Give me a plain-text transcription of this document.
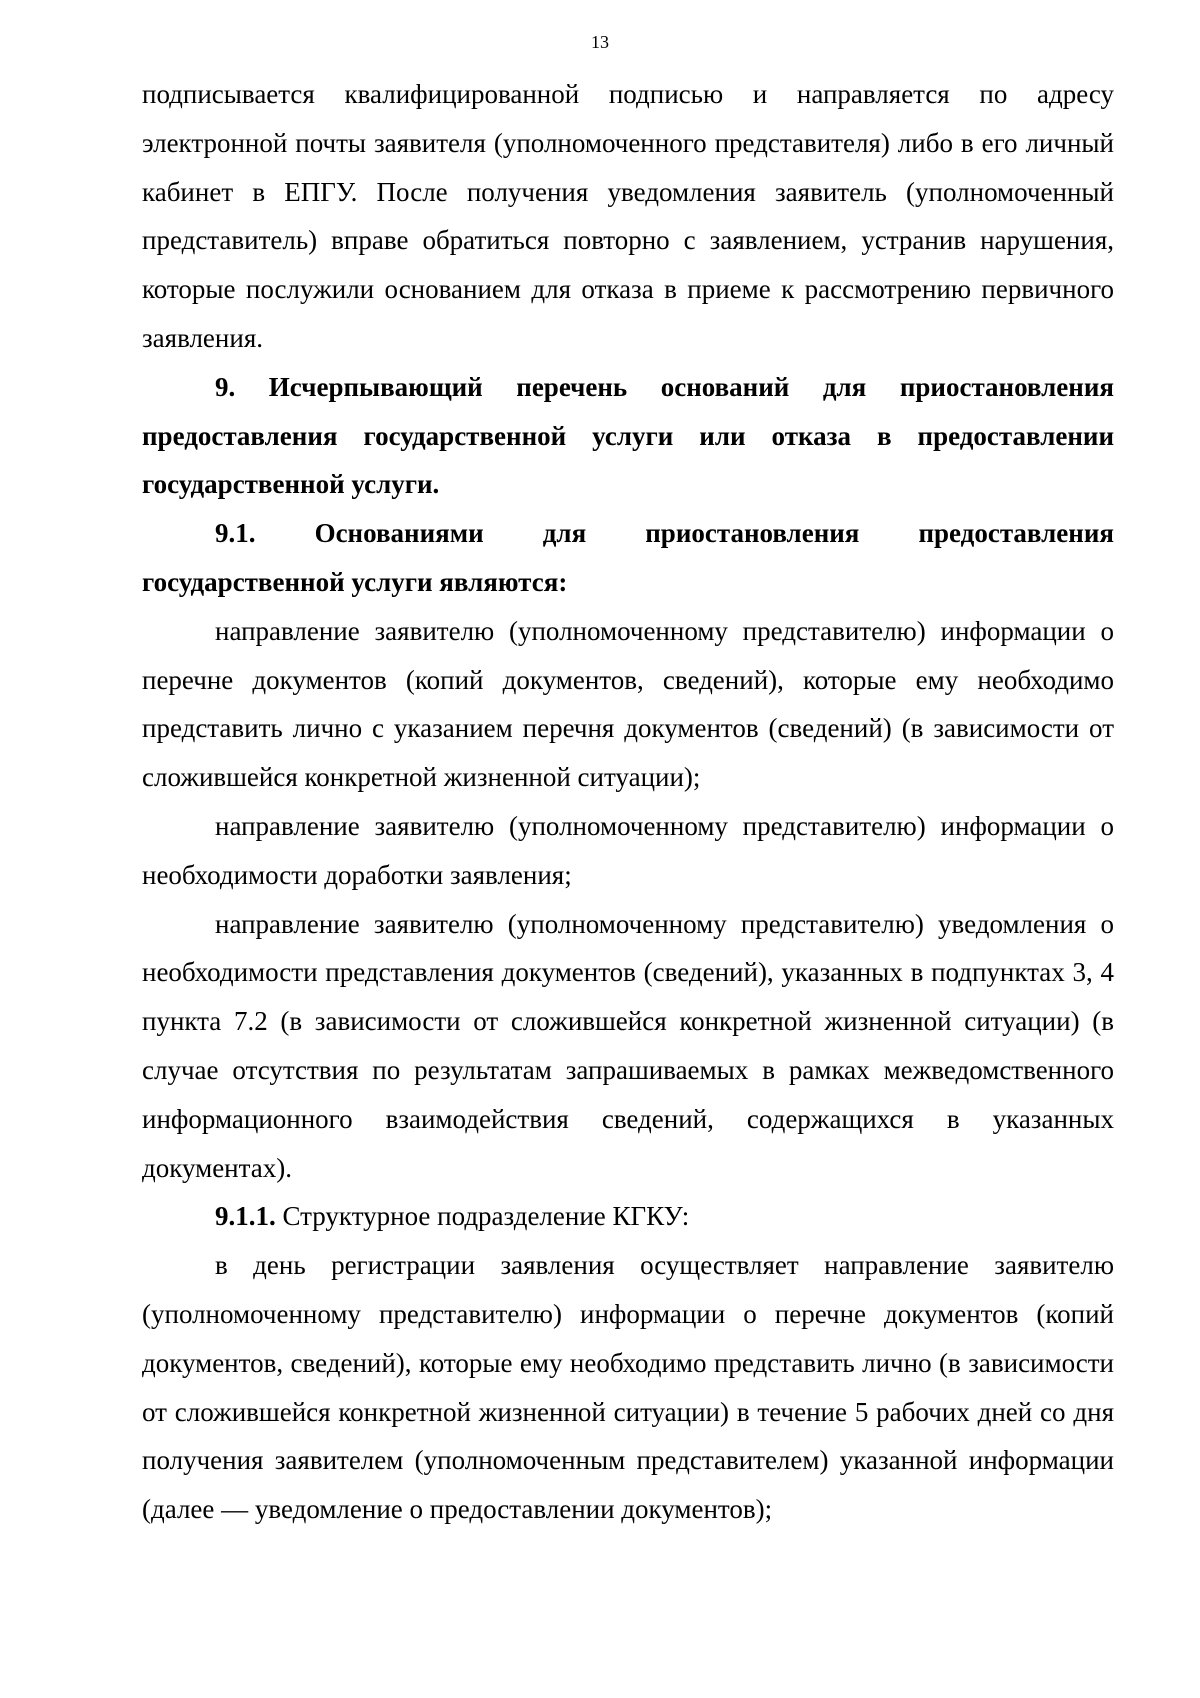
13

подписывается квалифицированной подписью и направляется по адресу электронной почты заявителя (уполномоченного представителя) либо в его личный кабинет в ЕПГУ. После получения уведомления заявитель (уполномоченный представитель) вправе обратиться повторно с заявлением, устранив нарушения, которые послужили основанием для отказа в приеме к рассмотрению первичного заявления.

9. Исчерпывающий перечень оснований для приостановления предоставления государственной услуги или отказа в предоставлении государственной услуги.

9.1. Основаниями для приостановления предоставления государственной услуги являются:

направление заявителю (уполномоченному представителю) информации о перечне документов (копий документов, сведений), которые ему необходимо представить лично с указанием перечня документов (сведений) (в зависимости от сложившейся конкретной жизненной ситуации);

направление заявителю (уполномоченному представителю) информации о необходимости доработки заявления;

направление заявителю (уполномоченному представителю) уведомления о необходимости представления документов (сведений), указанных в подпунктах 3, 4 пункта 7.2 (в зависимости от сложившейся конкретной жизненной ситуации) (в случае отсутствия по результатам запрашиваемых в рамках межведомственного информационного взаимодействия сведений, содержащихся в указанных документах).

9.1.1. Структурное подразделение КГКУ:

в день регистрации заявления осуществляет направление заявителю (уполномоченному представителю) информации о перечне документов (копий документов, сведений), которые ему необходимо представить лично (в зависимости от сложившейся конкретной жизненной ситуации) в течение 5 рабочих дней со дня получения заявителем (уполномоченным представителем) указанной информации (далее — уведомление о предоставлении документов);
